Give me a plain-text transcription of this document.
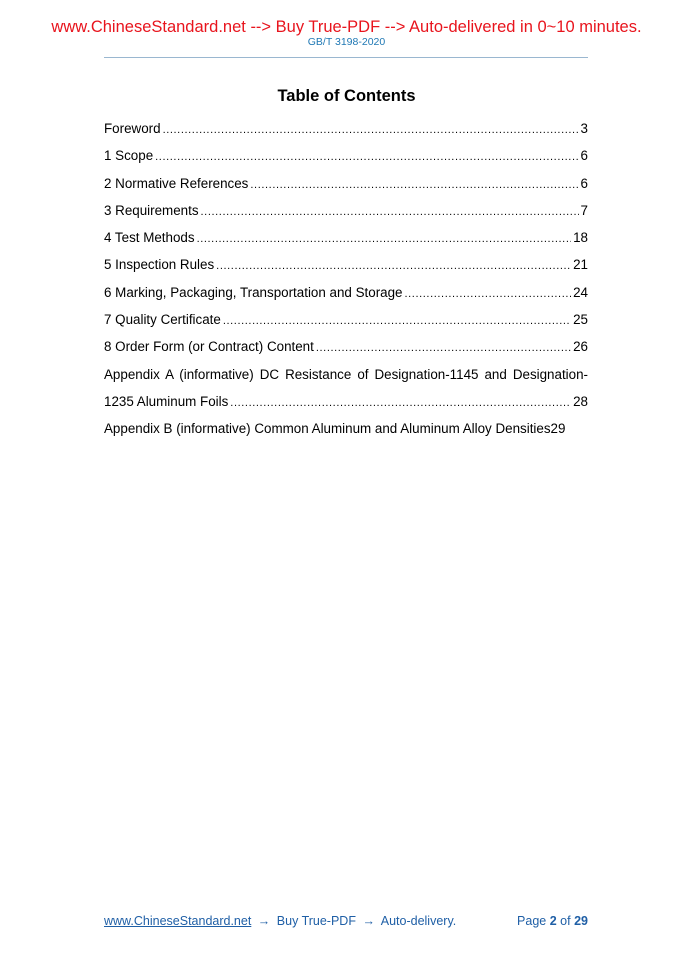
www.ChineseStandard.net --> Buy True-PDF --> Auto-delivered in 0~10 minutes.
GB/T 3198-2020
Table of Contents
Foreword .....	3
1 Scope .....	6
2 Normative References .....	6
3 Requirements .....	7
4 Test Methods .....	18
5 Inspection Rules .....	21
6 Marking, Packaging, Transportation and Storage .....	24
7 Quality Certificate .....	25
8 Order Form (or Contract) Content .....	26
Appendix A (informative) DC Resistance of Designation-1145 and Designation-
1235 Aluminum Foils .....	28
Appendix B (informative) Common Aluminum and Aluminum Alloy Densities 29
www.ChineseStandard.net → Buy True-PDF → Auto-delivery.	Page 2 of 29
